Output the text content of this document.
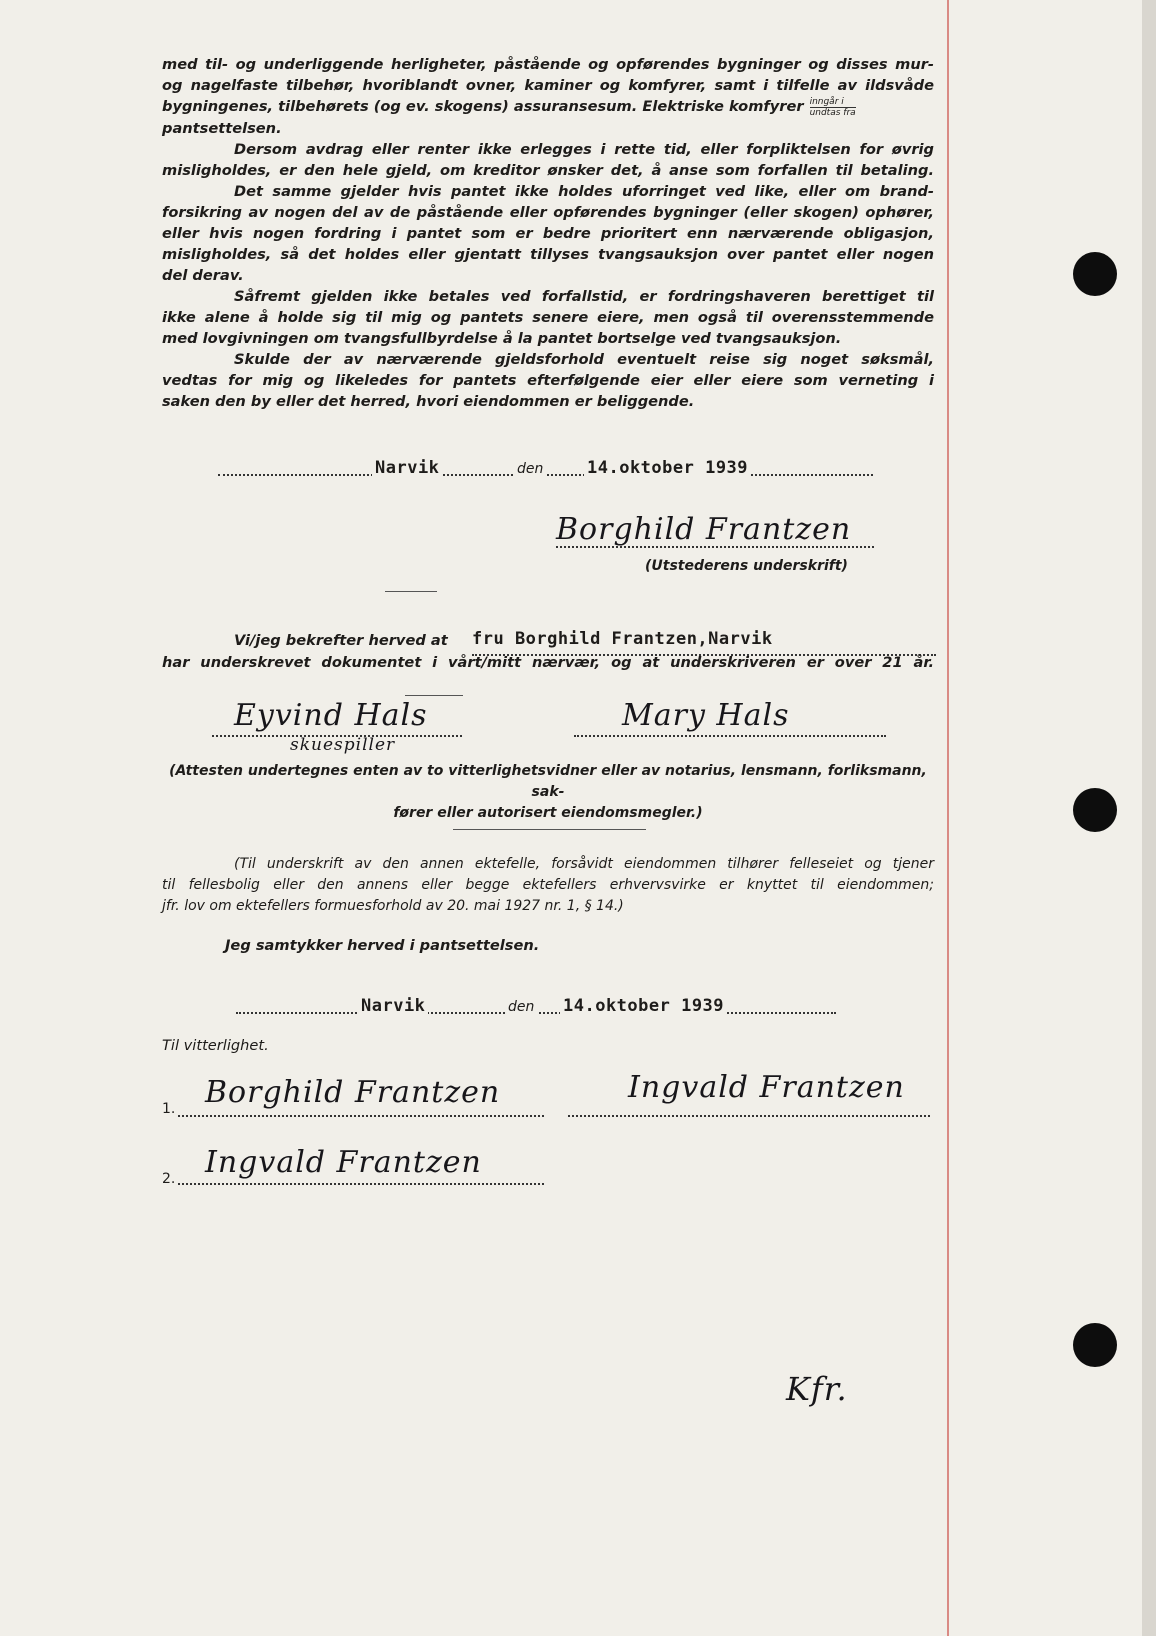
med til- og underliggende herligheter, påstående og opførendes bygninger og disses mur-
og nagelfaste tilbehør, hvoriblandt ovner, kaminer og komfyrer, samt i tilfelle av ildsvåde
bygningenes, tilbehørets (og ev. skogens) assuransesum. Elektriske komfyrer $\frac{\text{inngår i}}{\text{undtas fra}}$
pantsettelsen.
Dersom avdrag eller renter ikke erlegges i rette tid, eller forpliktelsen for øvrig
misligholdes, er den hele gjeld, om kreditor ønsker det, å anse som forfallen til betaling.
Det samme gjelder hvis pantet ikke holdes uforringet ved like, eller om brand-
forsikring av nogen del av de påstående eller opførendes bygninger (eller skogen) ophører,
eller hvis nogen fordring i pantet som er bedre prioritert enn nærværende obligasjon,
misligholdes, så det holdes eller gjentatt tillyses tvangsauksjon over pantet eller nogen
del derav.
Såfremt gjelden ikke betales ved forfallstid, er fordringshaveren berettiget til
ikke alene å holde sig til mig og pantets senere eiere, men også til overensstemmende
med lovgivningen om tvangsfullbyrdelse å la pantet bortselge ved tvangsauksjon.
Skulde der av nærværende gjeldsforhold eventuelt reise sig noget søksmål,
vedtas for mig og likeledes for pantets efterfølgende eier eller eiere som verneting i
saken den by eller det herred, hvori eiendommen er beliggende.
Narvik	den	14.oktober 1939
Borghild Frantzen
(Utstederens underskrift)
Vi/jeg bekrefter herved at fru Borghild Frantzen,Narvik
har underskrevet dokumentet i vårt/mitt nærvær, og at underskriveren er over 21 år.
Eyvind Hals
skuespiller
Mary Hals
(Attesten undertegnes enten av to vitterlighetsvidner eller av notarius, lensmann, forliksmann, sak-
fører eller autorisert eiendomsmegler.)
(Til underskrift av den annen ektefelle, forsåvidt eiendommen tilhører felleseiet og tjener
til fellesbolig eller den annens eller begge ektefellers erhvervsvirke er knyttet til eiendommen;
jfr. lov om ektefellers formuesforhold av 20. mai 1927 nr. 1, § 14.)
Jeg samtykker herved i pantsettelsen.
Narvik	den 14.oktober 1939
Til vitterlighet.
1. Borghild Frantzen	Ingvald Frantzen
2. Ingvald Frantzen
Kfr.
